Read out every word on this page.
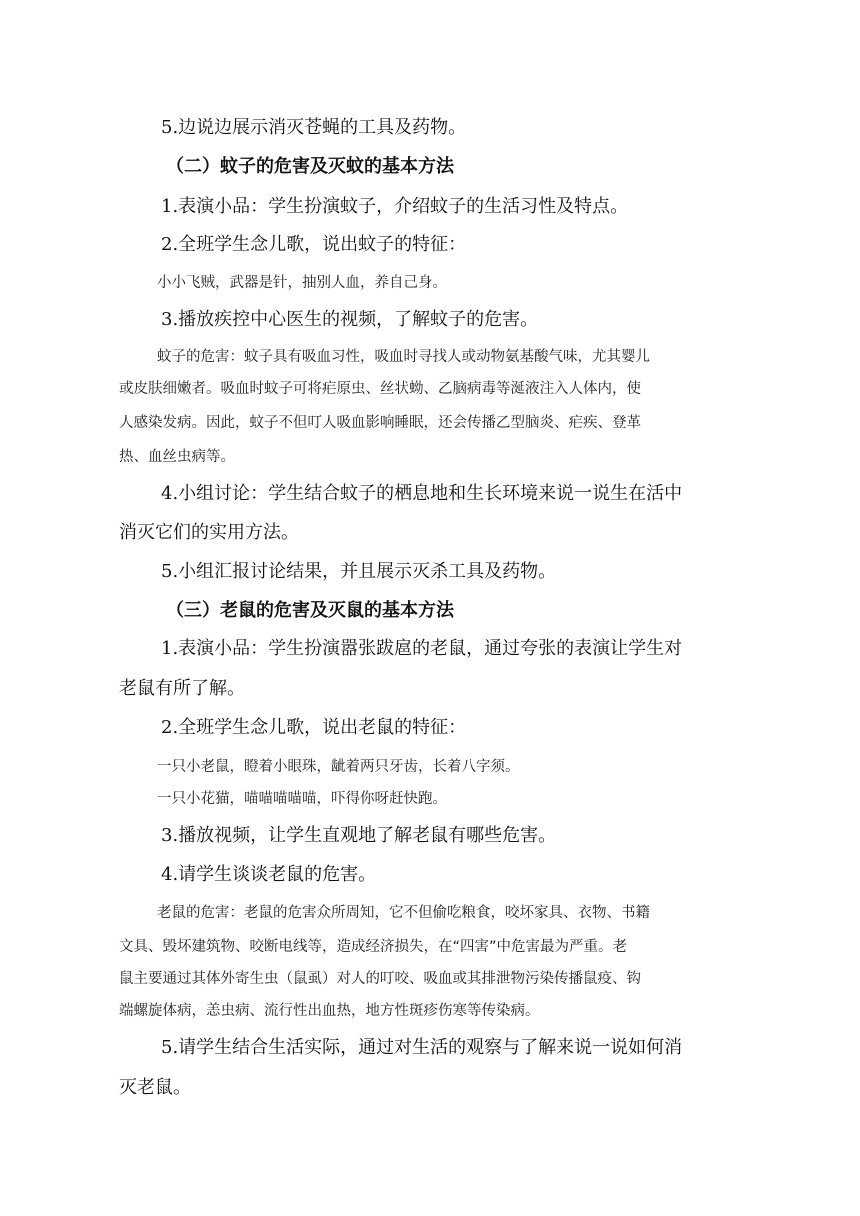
5.边说边展示消灭苍蝇的工具及药物。
（二）蚊子的危害及灭蚊的基本方法
1.表演小品：学生扮演蚊子，介绍蚊子的生活习性及特点。
2.全班学生念儿歌，说出蚊子的特征：
小小飞贼，武器是针，抽别人血，养自己身。
3.播放疾控中心医生的视频，了解蚊子的危害。
蚊子的危害：蚊子具有吸血习性，吸血时寻找人或动物氨基酸气味，尤其婴儿
或皮肤细嫩者。吸血时蚊子可将疟原虫、丝状蚴、乙脑病毒等涎液注入人体内，使
人感染发病。因此，蚊子不但叮人吸血影响睡眠，还会传播乙型脑炎、疟疾、登革
热、血丝虫病等。
4.小组讨论：学生结合蚊子的栖息地和生长环境来说一说生在活中
消灭它们的实用方法。
5.小组汇报讨论结果，并且展示灭杀工具及药物。
（三）老鼠的危害及灭鼠的基本方法
1.表演小品：学生扮演嚣张跋扈的老鼠，通过夸张的表演让学生对
老鼠有所了解。
2.全班学生念儿歌，说出老鼠的特征：
一只小老鼠，瞪着小眼珠，龇着两只牙齿，长着八字须。
一只小花猫，喵喵喵喵喵，吓得你呀赶快跑。
3.播放视频，让学生直观地了解老鼠有哪些危害。
4.请学生谈谈老鼠的危害。
老鼠的危害：老鼠的危害众所周知，它不但偷吃粮食，咬坏家具、衣物、书籍
文具、毁坏建筑物、咬断电线等，造成经济损失，在“四害”中危害最为严重。老
鼠主要通过其体外寄生虫（鼠虱）对人的叮咬、吸血或其排泄物污染传播鼠疫、钩
端螺旋体病，恙虫病、流行性出血热，地方性斑疹伤寒等传染病。
5.请学生结合生活实际，通过对生活的观察与了解来说一说如何消
灭老鼠。
